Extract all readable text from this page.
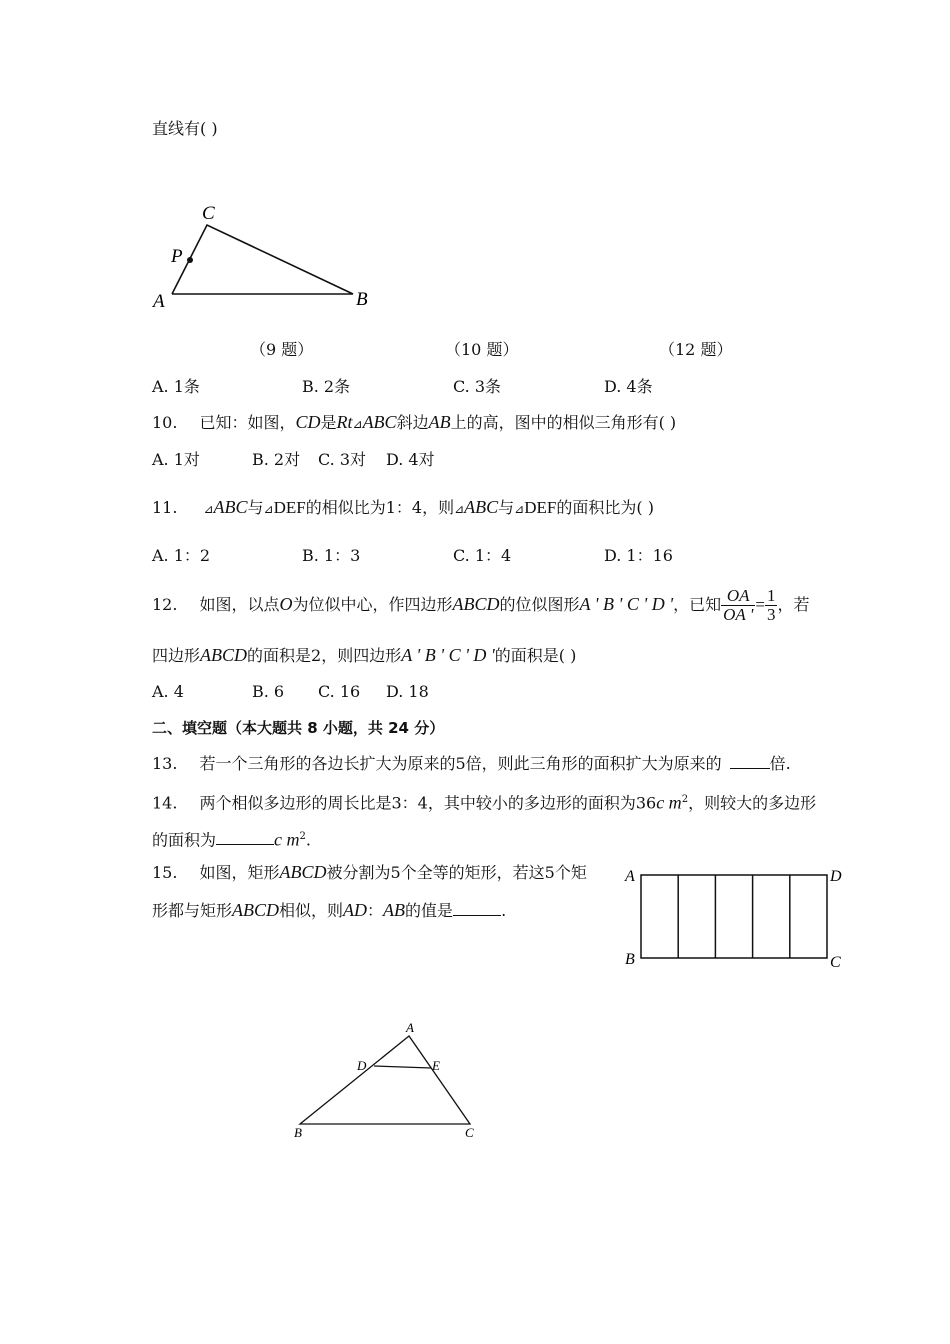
直线有( )
C
P
A	B
（9 题）	（10 题）	（12 题）
A. 1条	B. 2条	C. 3条	D. 4条
10. 已知：如图，CD是Rt⊿ABC斜边AB上的高，图中的相似三角形有( )
A. 1对	B. 2对 C. 3对 D. 4对
11. ⊿ABC与⊿DEF的相似比为1：4，则⊿ABC与⊿DEF的面积比为( )
A. 1：2	B. 1：3	C. 1：4	D. 1：16
12. 如图，以点O为位似中心，作四边形ABCD的位似图形A ' B ' C ' D '，已知 $\frac{OA}{OA '} = \frac{1}{3}$ ，若
四边形ABCD的面积是2，则四边形A ' B ' C ' D '的面积是( )
A. 4	B. 6 C. 16 D. 18
二、填空题（本大题共 8 小题，共 24 分）
13. 若一个三角形的各边长扩大为原来的5倍，则此三角形的面积扩大为原来的	倍.
14. 两个相似多边形的周长比是3：4，其中较小的多边形的面积为36c $m^2$，则较大的多边形
的面积为	c $m^2$.
15. 如图，矩形ABCD被分割为5个全等的矩形，若这5个矩
形都与矩形ABCD相似，则AD：AB的值是	.
A	D
B	C
A
D	E
B	C
